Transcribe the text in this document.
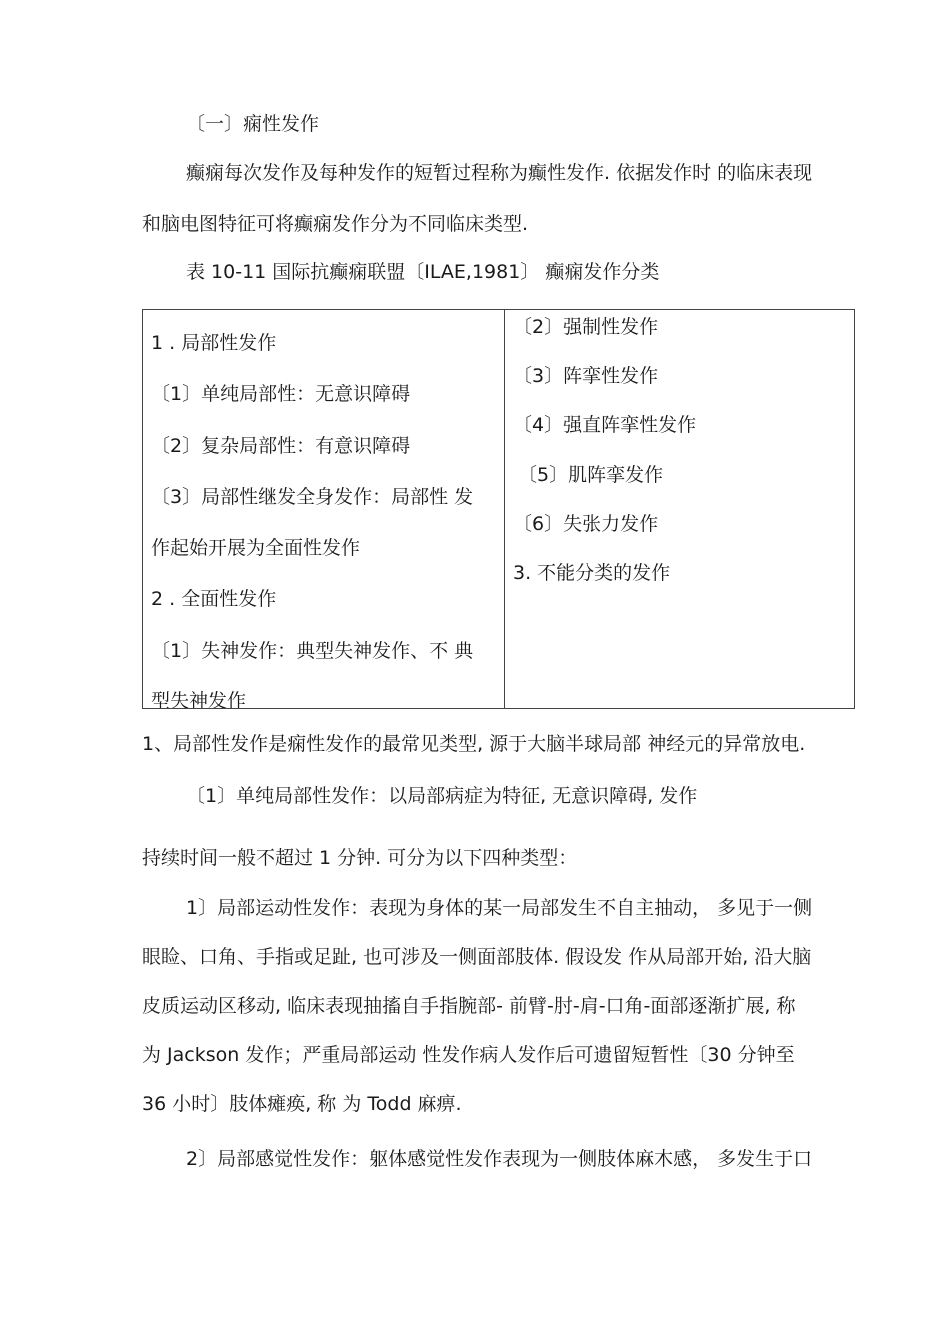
〔一〕痫性发作
癫痫每次发作及每种发作的短暂过程称为癫性发作. 依据发作时 的临床表现
和脑电图特征可将癫痫发作分为不同临床类型.
表 10-11 国际抗癫痫联盟〔ILAE,1981〕 癫痫发作分类
1 . 局部性发作
〔1〕单纯局部性：无意识障碍
〔2〕复杂局部性：有意识障碍
〔3〕局部性继发全身发作：局部性 发
作起始开展为全面性发作
2 . 全面性发作
〔1〕失神发作：典型失神发作、不 典
型失神发作
〔2〕强制性发作
〔3〕阵挛性发作
〔4〕强直阵挛性发作
〔5〕肌阵挛发作
〔6〕失张力发作
3. 不能分类的发作
1、局部性发作是痫性发作的最常见类型, 源于大脑半球局部 神经元的异常放电.
〔1〕单纯局部性发作：以局部病症为特征, 无意识障碍, 发作
持续时间一般不超过 1 分钟. 可分为以下四种类型：
1〕局部运动性发作：表现为身体的某一局部发生不自主抽动， 多见于一侧
眼睑、口角、手指或足趾, 也可涉及一侧面部肢体. 假设发 作从局部开始, 沿大脑
皮质运动区移动, 临床表现抽搐自手指腕部- 前臂-肘-肩-口角-面部逐渐扩展, 称
为 Jackson 发作；严重局部运动 性发作病人发作后可遗留短暂性〔30 分钟至
36 小时〕肢体瘫痪, 称 为 Todd 麻痹.
2〕局部感觉性发作：躯体感觉性发作表现为一侧肢体麻木感， 多发生于口
